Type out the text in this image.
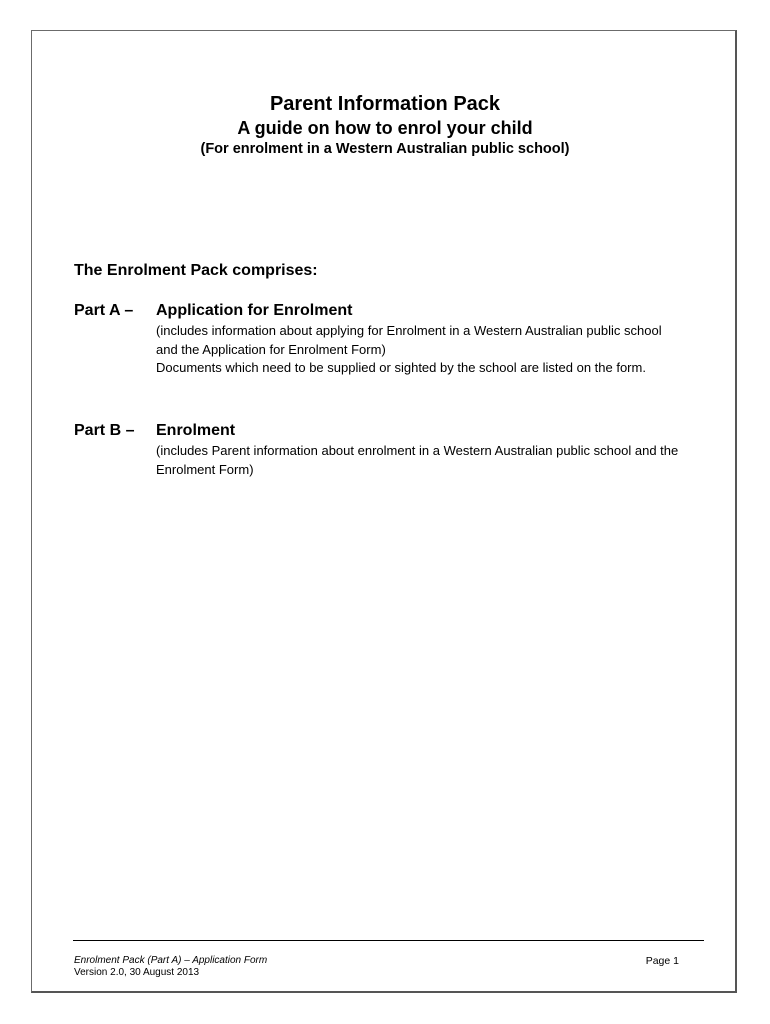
Parent Information Pack
A guide on how to enrol your child
(For enrolment in a Western Australian public school)
The Enrolment Pack comprises:
Part A – Application for Enrolment

(includes information about applying for Enrolment in a Western Australian public school and the Application for Enrolment Form)

Documents which need to be supplied or sighted by the school are listed on the form.

Part B – Enrolment

(includes Parent information about enrolment in a Western Australian public school and the Enrolment Form)

Enrolment Pack (Part A) – Application Form
Version 2.0, 30 August 2013
Page 1
